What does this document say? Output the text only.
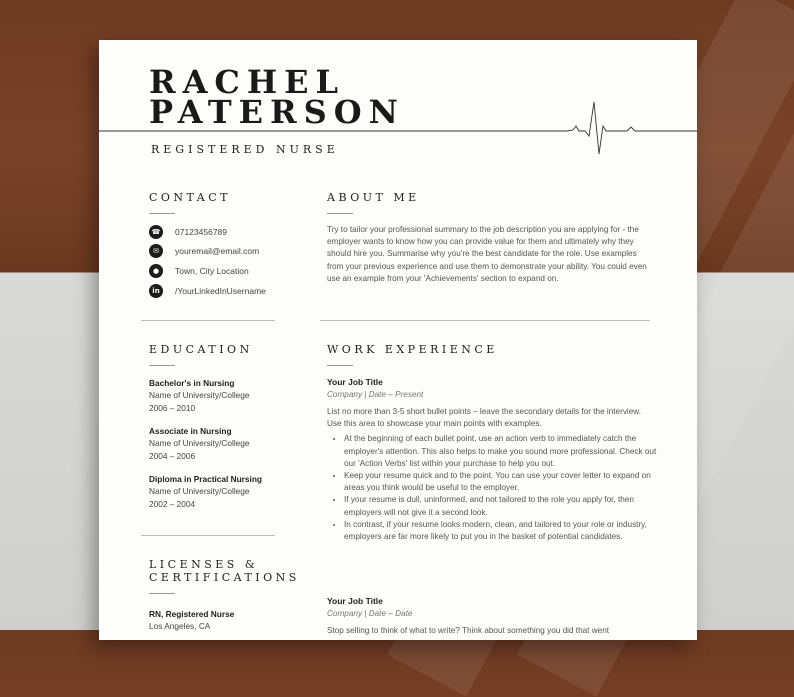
RACHEL
PATERSON
REGISTERED NURSE
CONTACT
☎	07123456789
✉	youremail@email.com
●	Town, City Location
in	/YourLinkedInUsername
ABOUT ME

Try to tailor your professional summary to the job description you are applying for - the employer wants to know how you can provide value for them and ultimately why they should hire you. Summarise why you're the best candidate for the role. Use examples from your previous experience and use them to demonstrate your ability. You could even use an example from your 'Achievements' section to expand on.

EDUCATION
Bachelor's in Nursing
Name of University/College
2006 – 2010
Associate in Nursing
Name of University/College
2004 – 2006
Diploma in Practical Nursing
Name of University/College
2002 – 2004
LICENSES &
CERTIFICATIONS
RN, Registered Nurse
Los Angeles, CA
WORK EXPERIENCE
Your Job Title
Company | Date – Present

List no more than 3-5 short bullet points – leave the secondary details for the interview. Use this area to showcase your main points with examples.

• At the beginning of each bullet point, use an action verb to immediately catch the employer's attention. This also helps to make you sound more professional. Check out our 'Action Verbs' list within your purchase to help you out.
• Keep your resume quick and to the point. You can use your cover letter to expand on areas you think would be useful to the employer.
• If your resume is dull, uninformed, and not tailored to the role you apply for, then employers will not give it a second look.
• In contrast, if your resume looks modern, clean, and tailored to your role or industry, employers are far more likely to put you in the basket of potential candidates.
Your Job Title
Company | Date – Date

Stop selling to think of what to write? Think about something you did that went
